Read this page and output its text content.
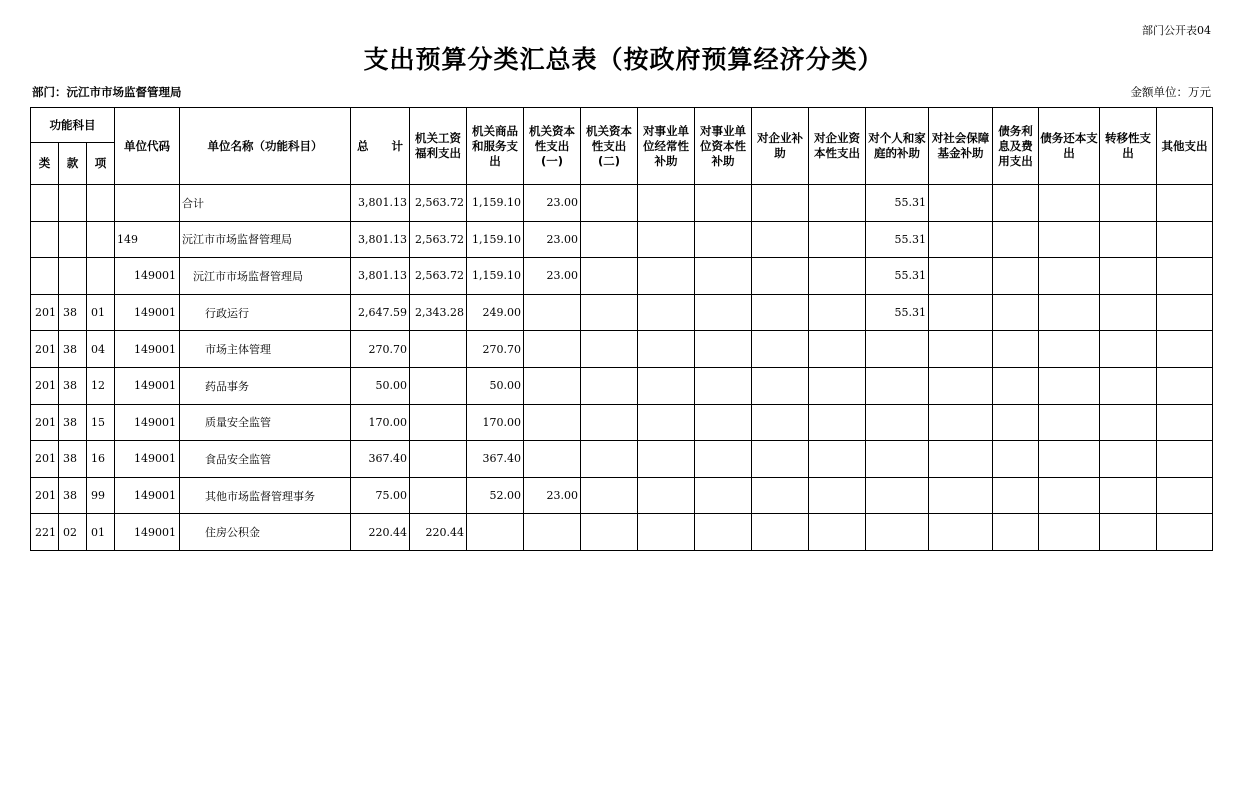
部门公开表04
支出预算分类汇总表（按政府预算经济分类）
部门：沅江市市场监督管理局	金额单位：万元

功能科目			单位代码	单位名称（功能科目）	总　　计	机关工资福利支出	机关商品和服务支出	机关资本性支出(一)	机关资本性支出(二)	对事业单位经常性补助	对事业单位资本性补助	对企业补助	对企业资本性支出	对个人和家庭的补助	对社会保障基金补助	债务利息及费用支出	债务还本支出	转移性支出	其他支出
类	款	项																	
				合计	3,801.13	2,563.72	1,159.10	23.00						55.31					
			149	沅江市市场监督管理局	3,801.13	2,563.72	1,159.10	23.00						55.31					
			149001	沅江市市场监督管理局	3,801.13	2,563.72	1,159.10	23.00						55.31					
201	38	01	149001	行政运行	2,647.59	2,343.28	249.00							55.31					
201	38	04	149001	市场主体管理	270.70		270.70												
201	38	12	149001	药品事务	50.00		50.00												
201	38	15	149001	质量安全监管	170.00		170.00												
201	38	16	149001	食品安全监管	367.40		367.40												
201	38	99	149001	其他市场监督管理事务	75.00		52.00	23.00											
221	02	01	149001	住房公积金	220.44	220.44													
